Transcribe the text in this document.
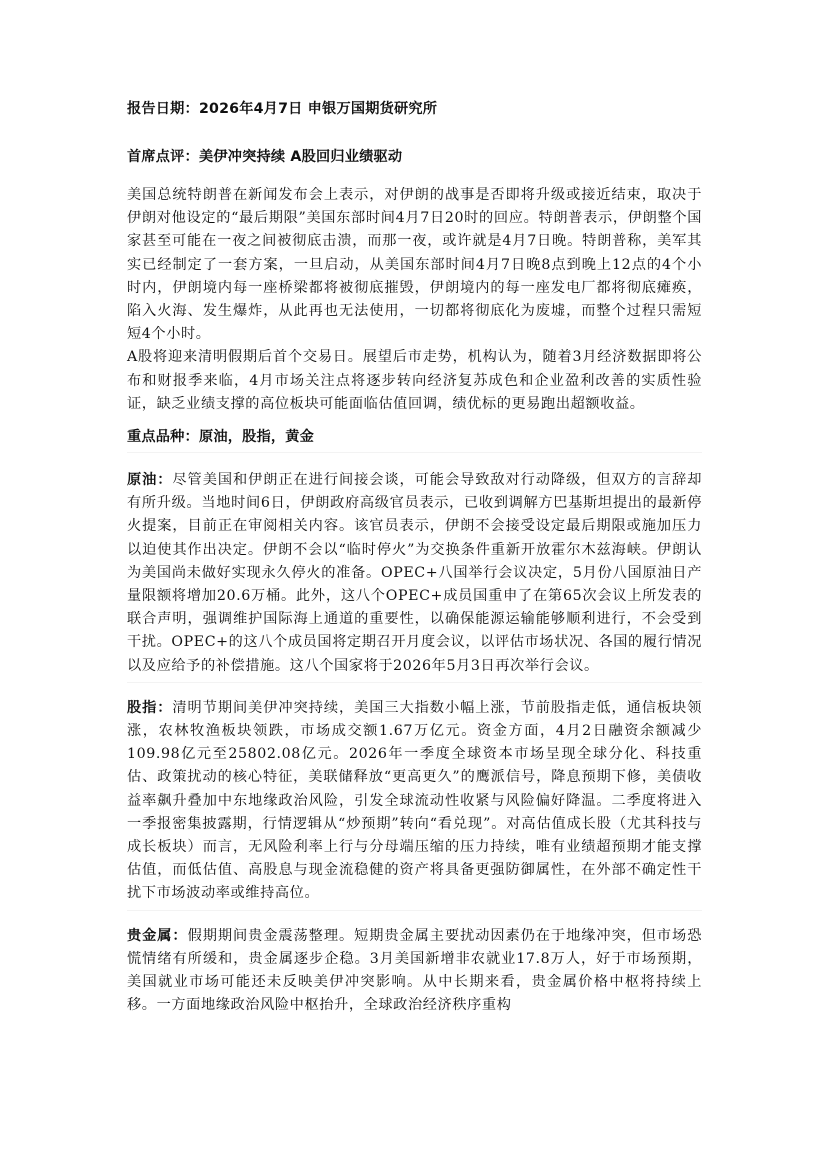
报告日期：2026年4月7日 申银万国期货研究所

首席点评：美伊冲突持续 A股回归业绩驱动

美国总统特朗普在新闻发布会上表示，对伊朗的战事是否即将升级或接近结束，取决于伊朗对他设定的“最后期限”美国东部时间4月7日20时的回应。特朗普表示，伊朗整个国家甚至可能在一夜之间被彻底击溃，而那一夜，或许就是4月7日晚。特朗普称，美军其实已经制定了一套方案，一旦启动，从美国东部时间4月7日晚8点到晚上12点的4个小时内，伊朗境内每一座桥梁都将被彻底摧毁，伊朗境内的每一座发电厂都将彻底瘫痪，陷入火海、发生爆炸，从此再也无法使用，一切都将彻底化为废墟，而整个过程只需短短4个小时。

A股将迎来清明假期后首个交易日。展望后市走势，机构认为，随着3月经济数据即将公布和财报季来临，4月市场关注点将逐步转向经济复苏成色和企业盈利改善的实质性验证，缺乏业绩支撑的高位板块可能面临估值回调，绩优标的更易跑出超额收益。

重点品种：原油，股指，黄金

原油：尽管美国和伊朗正在进行间接会谈，可能会导致敌对行动降级，但双方的言辞却有所升级。当地时间6日，伊朗政府高级官员表示，已收到调解方巴基斯坦提出的最新停火提案，目前正在审阅相关内容。该官员表示，伊朗不会接受设定最后期限或施加压力以迫使其作出决定。伊朗不会以“临时停火”为交换条件重新开放霍尔木兹海峡。伊朗认为美国尚未做好实现永久停火的准备。OPEC+八国举行会议决定，5月份八国原油日产量限额将增加20.6万桶。此外，这八个OPEC+成员国重申了在第65次会议上所发表的联合声明，强调维护国际海上通道的重要性，以确保能源运输能够顺利进行，不会受到干扰。OPEC+的这八个成员国将定期召开月度会议，以评估市场状况、各国的履行情况以及应给予的补偿措施。这八个国家将于2026年5月3日再次举行会议。

股指：清明节期间美伊冲突持续，美国三大指数小幅上涨，节前股指走低，通信板块领涨，农林牧渔板块领跌，市场成交额1.67万亿元。资金方面，4月2日融资余额减少109.98亿元至25802.08亿元。2026年一季度全球资本市场呈现全球分化、科技重估、政策扰动的核心特征，美联储释放“更高更久”的鹰派信号，降息预期下修，美债收益率飙升叠加中东地缘政治风险，引发全球流动性收紧与风险偏好降温。二季度将进入一季报密集披露期，行情逻辑从“炒预期”转向“看兑现”。对高估值成长股（尤其科技与成长板块）而言，无风险利率上行与分母端压缩的压力持续，唯有业绩超预期才能支撑估值，而低估值、高股息与现金流稳健的资产将具备更强防御属性，在外部不确定性干扰下市场波动率或维持高位。

贵金属：假期期间贵金震荡整理。短期贵金属主要扰动因素仍在于地缘冲突，但市场恐慌情绪有所缓和，贵金属逐步企稳。3月美国新增非农就业17.8万人，好于市场预期，美国就业市场可能还未反映美伊冲突影响。从中长期来看，贵金属价格中枢将持续上移。一方面地缘政治风险中枢抬升，全球政治经济秩序重构
